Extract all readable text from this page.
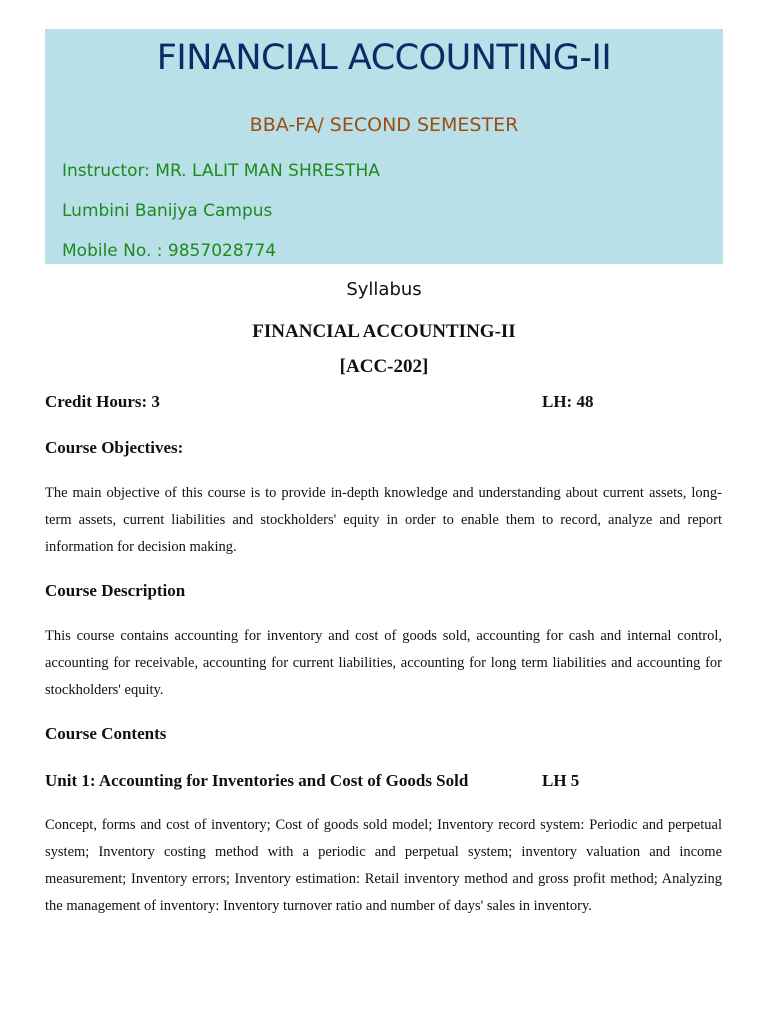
FINANCIAL ACCOUNTING-II
BBA-FA/ SECOND SEMESTER
Instructor: MR. LALIT MAN SHRESTHA
Lumbini Banijya Campus
Mobile No. : 9857028774
Syllabus
FINANCIAL ACCOUNTING-II
[ACC-202]
Credit Hours: 3	LH: 48
Course Objectives:
The main objective of this course is to provide in-depth knowledge and understanding about current assets, long-term assets, current liabilities and stockholders' equity in order to enable them to record, analyze and report information for decision making.
Course Description
This course contains accounting for inventory and cost of goods sold, accounting for cash and internal control, accounting for receivable, accounting for current liabilities, accounting for long term liabilities and accounting for stockholders' equity.
Course Contents
Unit 1: Accounting for Inventories and Cost of Goods Sold	LH 5
Concept, forms and cost of inventory; Cost of goods sold model; Inventory record system: Periodic and perpetual system; Inventory costing method with a periodic and perpetual system; inventory valuation and income measurement; Inventory errors; Inventory estimation: Retail inventory method and gross profit method; Analyzing the management of inventory: Inventory turnover ratio and number of days' sales in inventory.
